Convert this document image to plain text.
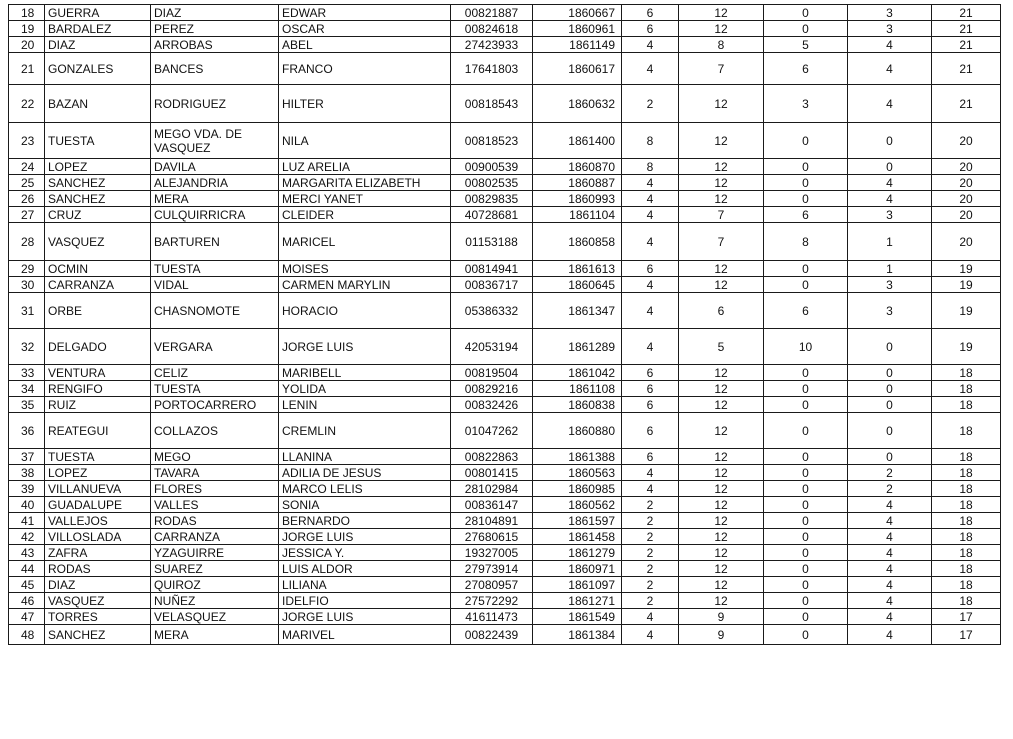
18	GUERRA	DIAZ	EDWAR	00821887	1860667	6	12	0	3	21
19	BARDALEZ	PEREZ	OSCAR	00824618	1860961	6	12	0	3	21
20	DIAZ	ARROBAS	ABEL	27423933	1861149	4	8	5	4	21
21	GONZALES	BANCES	FRANCO	17641803	1860617	4	7	6	4	21
22	BAZAN	RODRIGUEZ	HILTER	00818543	1860632	2	12	3	4	21
23	TUESTA	MEGO VDA. DE VASQUEZ	NILA	00818523	1861400	8	12	0	0	20
24	LOPEZ	DAVILA	LUZ ARELIA	00900539	1860870	8	12	0	0	20
25	SANCHEZ	ALEJANDRIA	MARGARITA ELIZABETH	00802535	1860887	4	12	0	4	20
26	SANCHEZ	MERA	MERCI YANET	00829835	1860993	4	12	0	4	20
27	CRUZ	CULQUIRRICRA	CLEIDER	40728681	1861104	4	7	6	3	20
28	VASQUEZ	BARTUREN	MARICEL	01153188	1860858	4	7	8	1	20
29	OCMIN	TUESTA	MOISES	00814941	1861613	6	12	0	1	19
30	CARRANZA	VIDAL	CARMEN MARYLIN	00836717	1860645	4	12	0	3	19
31	ORBE	CHASNOMOTE	HORACIO	05386332	1861347	4	6	6	3	19
32	DELGADO	VERGARA	JORGE LUIS	42053194	1861289	4	5	10	0	19
33	VENTURA	CELIZ	MARIBELL	00819504	1861042	6	12	0	0	18
34	RENGIFO	TUESTA	YOLIDA	00829216	1861108	6	12	0	0	18
35	RUIZ	PORTOCARRERO	LENIN	00832426	1860838	6	12	0	0	18
36	REATEGUI	COLLAZOS	CREMLIN	01047262	1860880	6	12	0	0	18
37	TUESTA	MEGO	LLANINA	00822863	1861388	6	12	0	0	18
38	LOPEZ	TAVARA	ADILIA DE JESUS	00801415	1860563	4	12	0	2	18
39	VILLANUEVA	FLORES	MARCO LELIS	28102984	1860985	4	12	0	2	18
40	GUADALUPE	VALLES	SONIA	00836147	1860562	2	12	0	4	18
41	VALLEJOS	RODAS	BERNARDO	28104891	1861597	2	12	0	4	18
42	VILLOSLADA	CARRANZA	JORGE LUIS	27680615	1861458	2	12	0	4	18
43	ZAFRA	YZAGUIRRE	JESSICA Y.	19327005	1861279	2	12	0	4	18
44	RODAS	SUAREZ	LUIS ALDOR	27973914	1860971	2	12	0	4	18
45	DIAZ	QUIROZ	LILIANA	27080957	1861097	2	12	0	4	18
46	VASQUEZ	NUÑEZ	IDELFIO	27572292	1861271	2	12	0	4	18
47	TORRES	VELASQUEZ	JORGE LUIS	41611473	1861549	4	9	0	4	17
48	SANCHEZ	MERA	MARIVEL	00822439	1861384	4	9	0	4	17
